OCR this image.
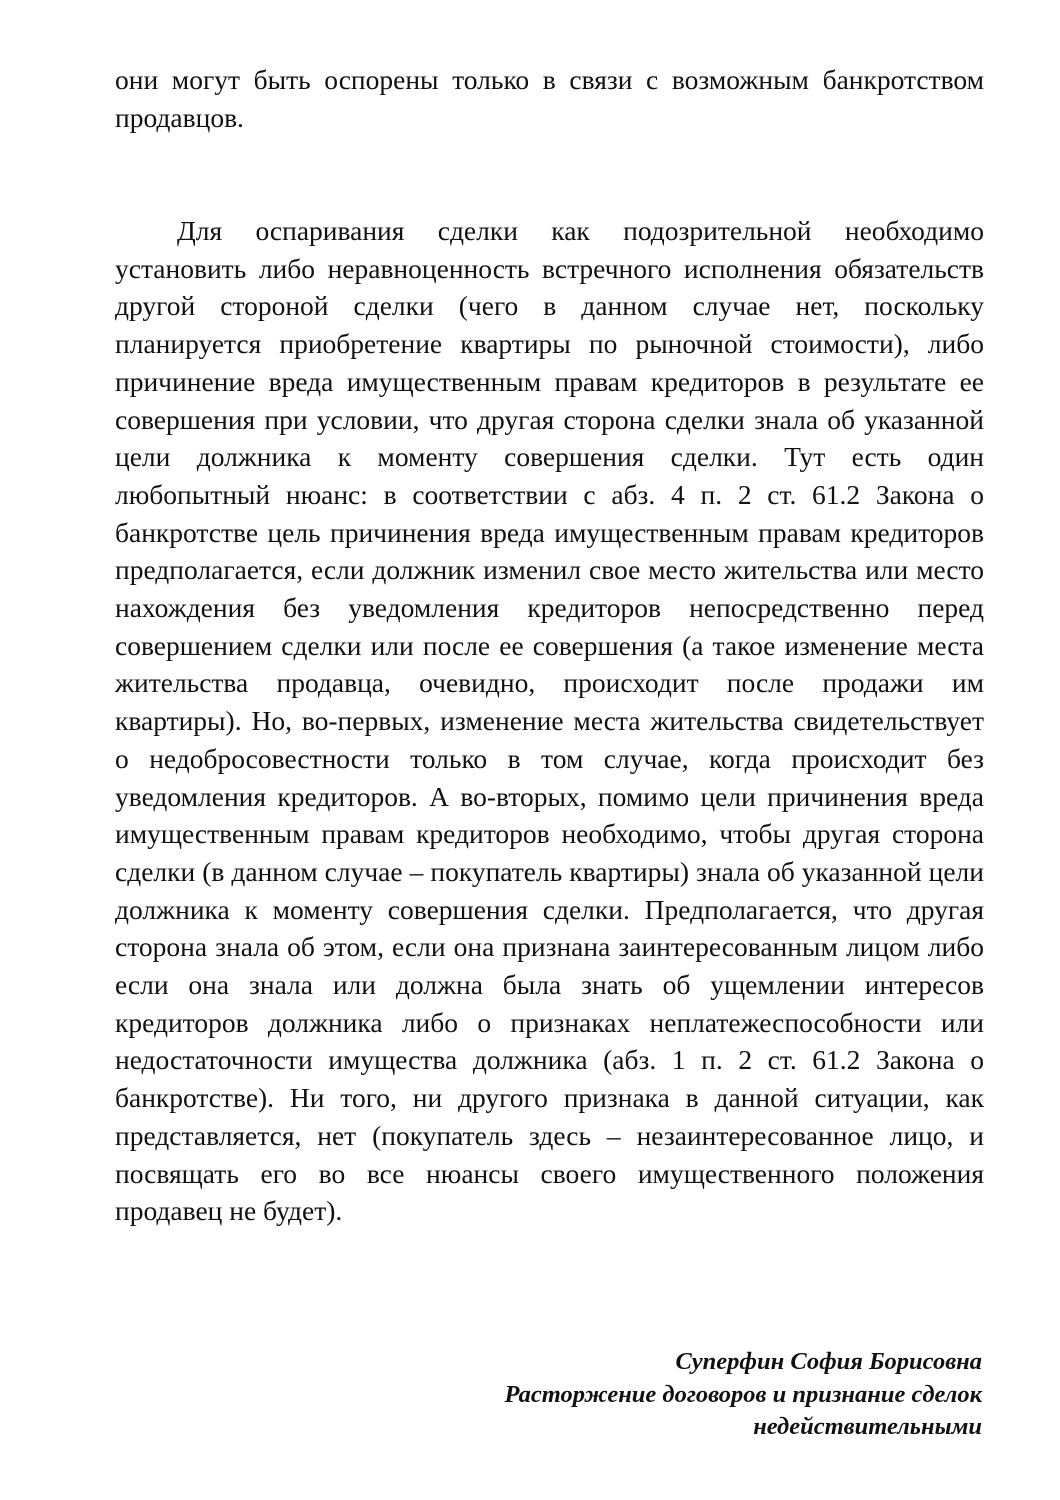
они могут быть оспорены только в связи с возможным банкротством продавцов.

Для оспаривания сделки как подозрительной необходимо установить либо неравноценность встречного исполнения обязательств другой стороной сделки (чего в данном случае нет, поскольку планируется приобретение квартиры по рыночной стоимости), либо причинение вреда имущественным правам кредиторов в результате ее совершения при условии, что другая сторона сделки знала об указанной цели должника к моменту совершения сделки. Тут есть один любопытный нюанс: в соответствии с абз. 4 п. 2 ст. 61.2 Закона о банкротстве цель причинения вреда имущественным правам кредиторов предполагается, если должник изменил свое место жительства или место нахождения без уведомления кредиторов непосредственно перед совершением сделки или после ее совершения (а такое изменение места жительства продавца, очевидно, происходит после продажи им квартиры). Но, во-первых, изменение места жительства свидетельствует о недобросовестности только в том случае, когда происходит без уведомления кредиторов. А во-вторых, помимо цели причинения вреда имущественным правам кредиторов необходимо, чтобы другая сторона сделки (в данном случае – покупатель квартиры) знала об указанной цели должника к моменту совершения сделки. Предполагается, что другая сторона знала об этом, если она признана заинтересованным лицом либо если она знала или должна была знать об ущемлении интересов кредиторов должника либо о признаках неплатежеспособности или недостаточности имущества должника (абз. 1 п. 2 ст. 61.2 Закона о банкротстве). Ни того, ни другого признака в данной ситуации, как представляется, нет (покупатель здесь – незаинтересованное лицо, и посвящать его во все нюансы своего имущественного положения продавец не будет).

Суперфин София Борисовна
Расторжение договоров и признание сделок
недействительными
